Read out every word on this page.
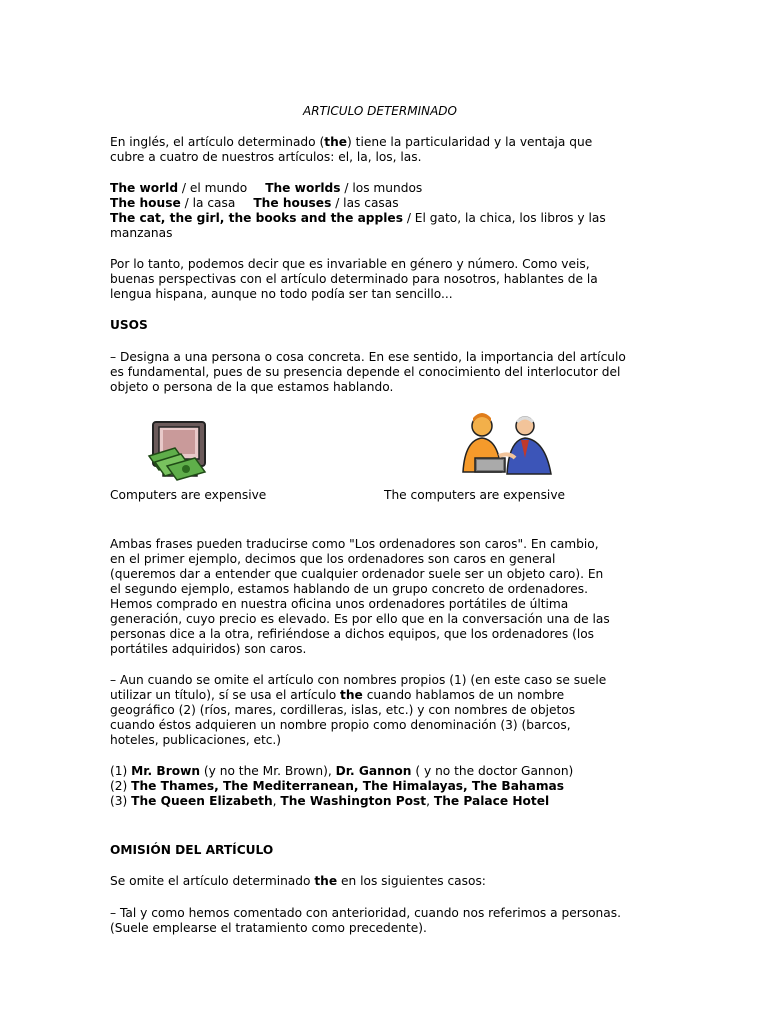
ARTICULO DETERMINADO

En inglés, el artículo determinado (the) tiene la particularidad y la ventaja que
cubre a cuatro de nuestros artículos: el, la, los, las.

The world / el mundo The worlds / los mundos
The house / la casa The houses / las casas
The cat, the girl, the books and the apples / El gato, la chica, los libros y las
manzanas

Por lo tanto, podemos decir que es invariable en género y número. Como veis,
buenas perspectivas con el artículo determinado para nosotros, hablantes de la
lengua hispana, aunque no todo podía ser tan sencillo...

USOS

– Designa a una persona o cosa concreta. En ese sentido, la importancia del artículo
es fundamental, pues de su presencia depende el conocimiento del interlocutor del
objeto o persona de la que estamos hablando.

Computers are expensive	The computers are expensive

Ambas frases pueden traducirse como "Los ordenadores son caros". En cambio,
en el primer ejemplo, decimos que los ordenadores son caros en general
(queremos dar a entender que cualquier ordenador suele ser un objeto caro). En
el segundo ejemplo, estamos hablando de un grupo concreto de ordenadores.
Hemos comprado en nuestra oficina unos ordenadores portátiles de última
generación, cuyo precio es elevado. Es por ello que en la conversación una de las
personas dice a la otra, refiriéndose a dichos equipos, que los ordenadores (los
portátiles adquiridos) son caros.

– Aun cuando se omite el artículo con nombres propios (1) (en este caso se suele
utilizar un título), sí se usa el artículo the cuando hablamos de un nombre
geográfico (2) (ríos, mares, cordilleras, islas, etc.) y con nombres de objetos
cuando éstos adquieren un nombre propio como denominación (3) (barcos,
hoteles, publicaciones, etc.)

(1) Mr. Brown (y no the Mr. Brown), Dr. Gannon ( y no the doctor Gannon)
(2) The Thames, The Mediterranean, The Himalayas, The Bahamas
(3) The Queen Elizabeth, The Washington Post, The Palace Hotel

OMISIÓN DEL ARTÍCULO

Se omite el artículo determinado the en los siguientes casos:

– Tal y como hemos comentado con anterioridad, cuando nos referimos a personas.
(Suele emplearse el tratamiento como precedente).
